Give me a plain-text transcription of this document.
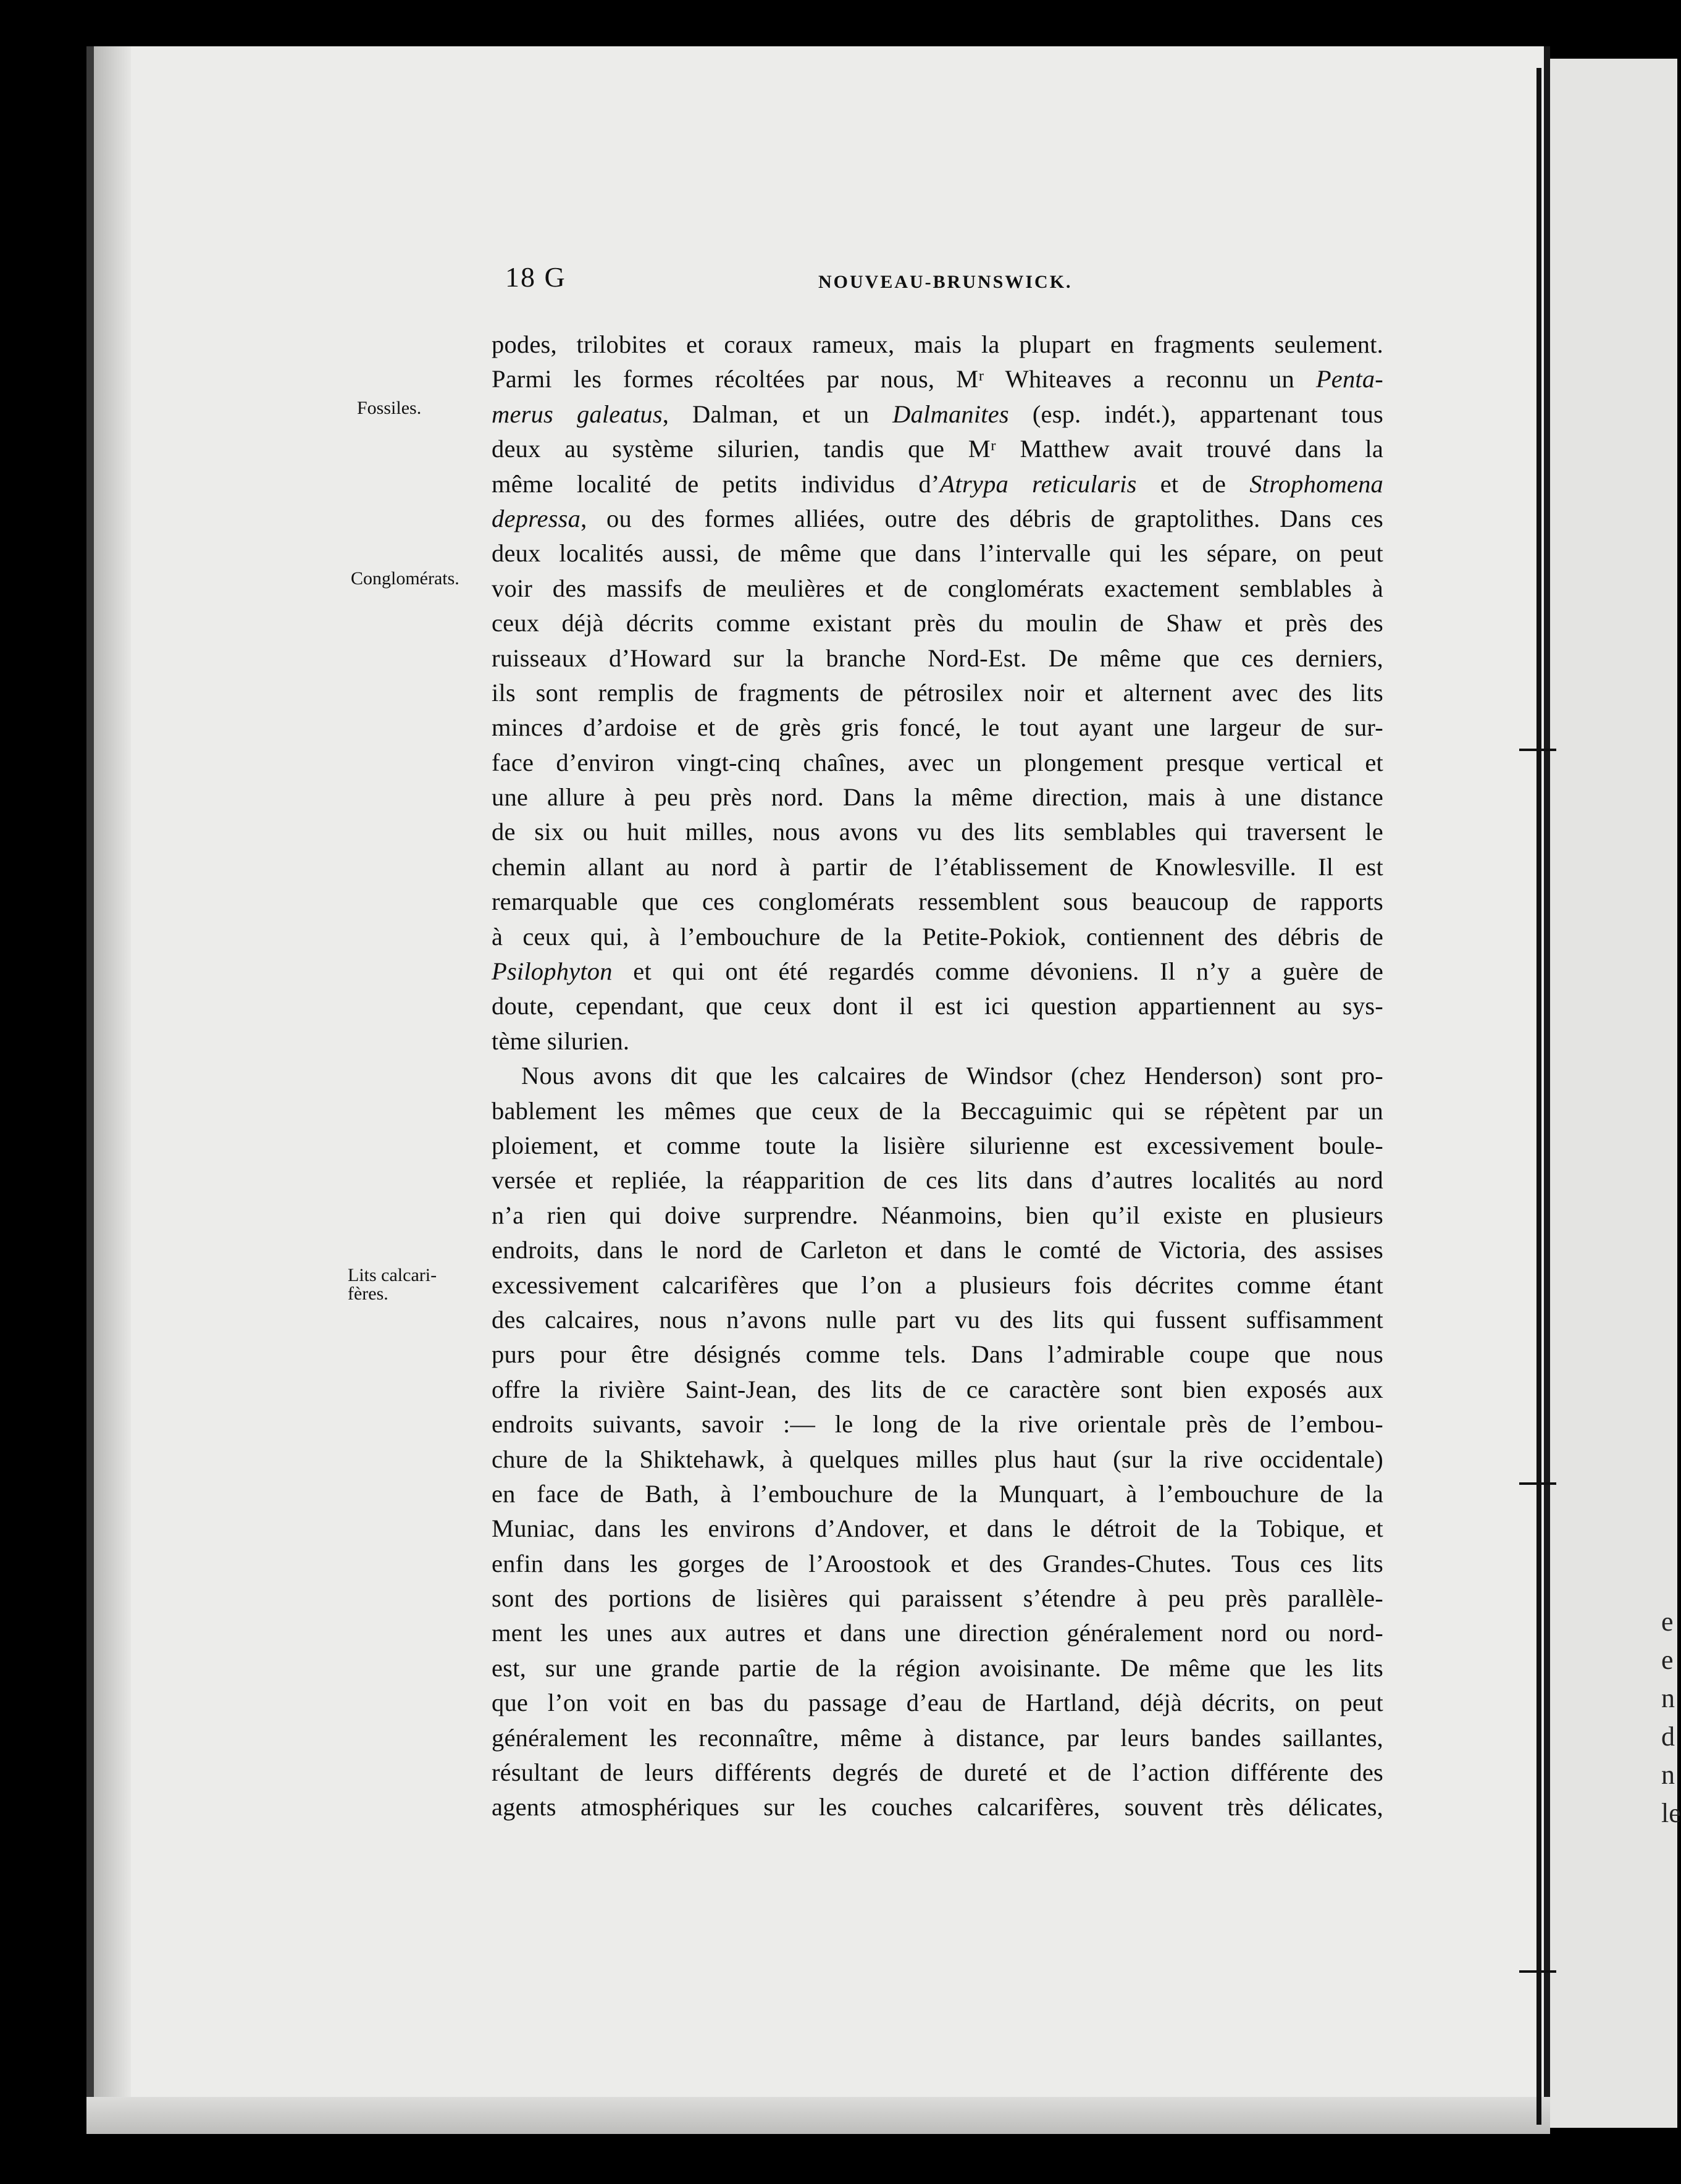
e
e
n
d
n
le
18 G	NOUVEAU-BRUNSWICK.
Fossiles.
Conglomérats.
Lits calcari-
fères.
podes, trilobites et coraux rameux, mais la plupart en fragments seulement.
Parmi les formes récoltées par nous, Mʳ Whiteaves a reconnu un Penta-
merus galeatus, Dalman, et un Dalmanites (esp. indét.), appartenant tous
deux au système silurien, tandis que Mʳ Matthew avait trouvé dans la
même localité de petits individus d’Atrypa reticularis et de Strophomena
depressa, ou des formes alliées, outre des débris de graptolithes. Dans ces
deux localités aussi, de même que dans l’intervalle qui les sépare, on peut
voir des massifs de meulières et de conglomérats exactement semblables à
ceux déjà décrits comme existant près du moulin de Shaw et près des
ruisseaux d’Howard sur la branche Nord-Est. De même que ces derniers,
ils sont remplis de fragments de pétrosilex noir et alternent avec des lits
minces d’ardoise et de grès gris foncé, le tout ayant une largeur de sur-
face d’environ vingt-cinq chaînes, avec un plongement presque vertical et
une allure à peu près nord. Dans la même direction, mais à une distance
de six ou huit milles, nous avons vu des lits semblables qui traversent le
chemin allant au nord à partir de l’établissement de Knowlesville. Il est
remarquable que ces conglomérats ressemblent sous beaucoup de rapports
à ceux qui, à l’embouchure de la Petite-Pokiok, contiennent des débris de
Psilophyton et qui ont été regardés comme dévoniens. Il n’y a guère de
doute, cependant, que ceux dont il est ici question appartiennent au sys-
tème silurien.
Nous avons dit que les calcaires de Windsor (chez Henderson) sont pro-
bablement les mêmes que ceux de la Beccaguimic qui se répètent par un
ploiement, et comme toute la lisière silurienne est excessivement boule-
versée et repliée, la réapparition de ces lits dans d’autres localités au nord
n’a rien qui doive surprendre. Néanmoins, bien qu’il existe en plusieurs
endroits, dans le nord de Carleton et dans le comté de Victoria, des assises
excessivement calcarifères que l’on a plusieurs fois décrites comme étant
des calcaires, nous n’avons nulle part vu des lits qui fussent suffisamment
purs pour être désignés comme tels. Dans l’admirable coupe que nous
offre la rivière Saint-Jean, des lits de ce caractère sont bien exposés aux
endroits suivants, savoir :— le long de la rive orientale près de l’embou-
chure de la Shiktehawk, à quelques milles plus haut (sur la rive occidentale)
en face de Bath, à l’embouchure de la Munquart, à l’embouchure de la
Muniac, dans les environs d’Andover, et dans le détroit de la Tobique, et
enfin dans les gorges de l’Aroostook et des Grandes-Chutes. Tous ces lits
sont des portions de lisières qui paraissent s’étendre à peu près parallèle-
ment les unes aux autres et dans une direction généralement nord ou nord-
est, sur une grande partie de la région avoisinante. De même que les lits
que l’on voit en bas du passage d’eau de Hartland, déjà décrits, on peut
généralement les reconnaître, même à distance, par leurs bandes saillantes,
résultant de leurs différents degrés de dureté et de l’action différente des
agents atmosphériques sur les couches calcarifères, souvent très délicates,
